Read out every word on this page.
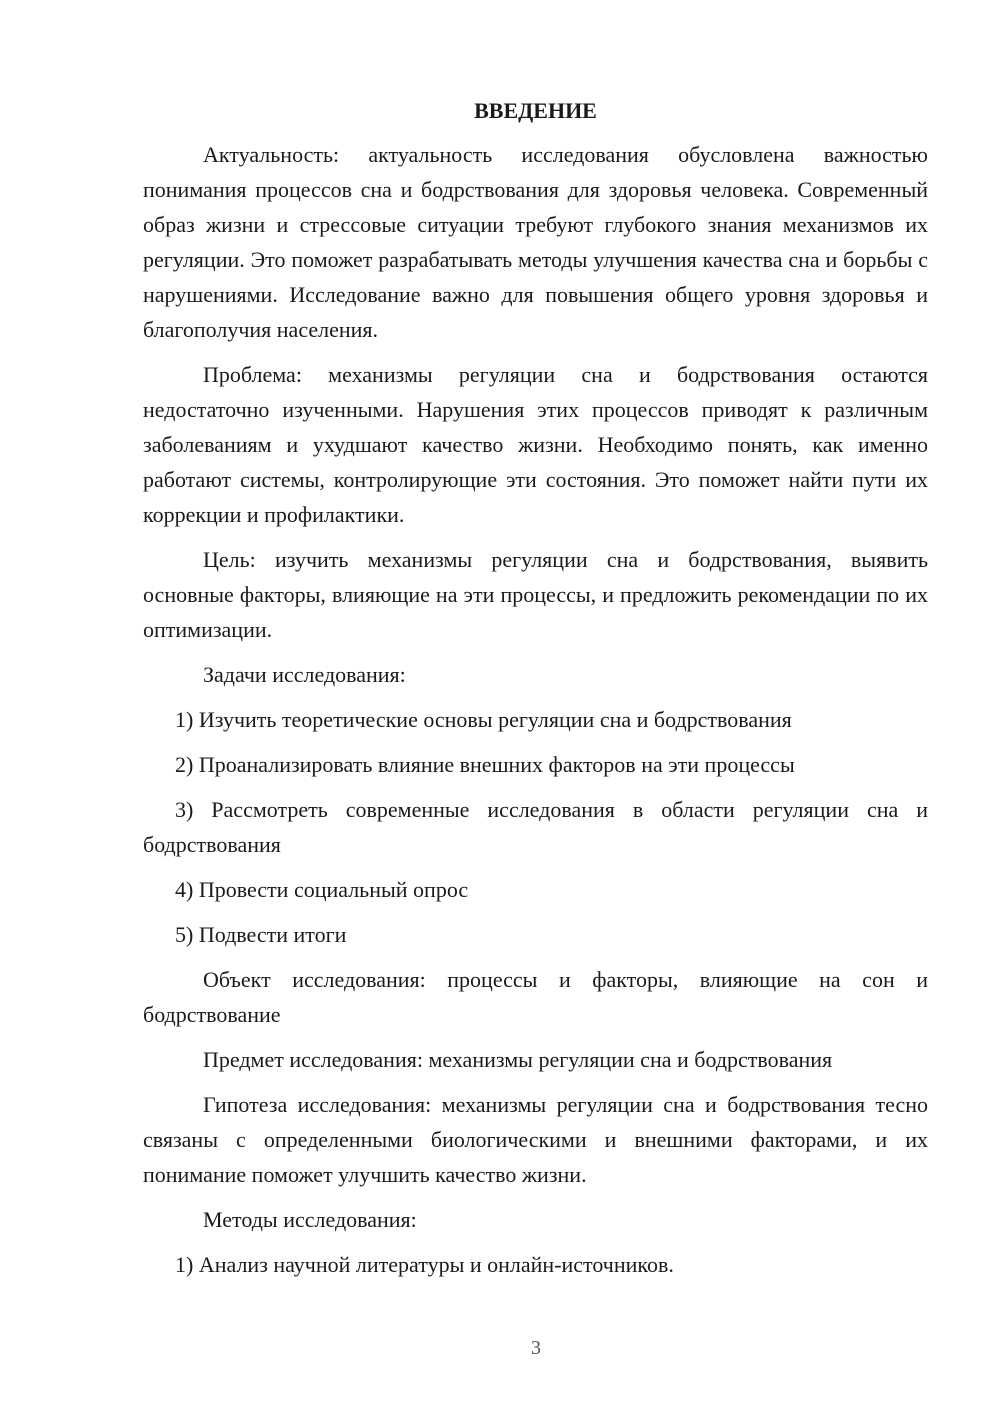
ВВЕДЕНИЕ

Актуальность: актуальность исследования обусловлена важностью понимания процессов сна и бодрствования для здоровья человека. Современный образ жизни и стрессовые ситуации требуют глубокого знания механизмов их регуляции. Это поможет разрабатывать методы улучшения качества сна и борьбы с нарушениями. Исследование важно для повышения общего уровня здоровья и благополучия населения.

Проблема: механизмы регуляции сна и бодрствования остаются недостаточно изученными. Нарушения этих процессов приводят к различным заболеваниям и ухудшают качество жизни. Необходимо понять, как именно работают системы, контролирующие эти состояния. Это поможет найти пути их коррекции и профилактики.

Цель: изучить механизмы регуляции сна и бодрствования, выявить основные факторы, влияющие на эти процессы, и предложить рекомендации по их оптимизации.

Задачи исследования:

1) Изучить теоретические основы регуляции сна и бодрствования

2) Проанализировать влияние внешних факторов на эти процессы

3) Рассмотреть современные исследования в области регуляции сна и бодрствования

4) Провести социальный опрос

5) Подвести итоги

Объект исследования: процессы и факторы, влияющие на сон и бодрствование

Предмет исследования: механизмы регуляции сна и бодрствования

Гипотеза исследования: механизмы регуляции сна и бодрствования тесно связаны с определенными биологическими и внешними факторами, и их понимание поможет улучшить качество жизни.

Методы исследования:

1) Анализ научной литературы и онлайн-источников.

3
